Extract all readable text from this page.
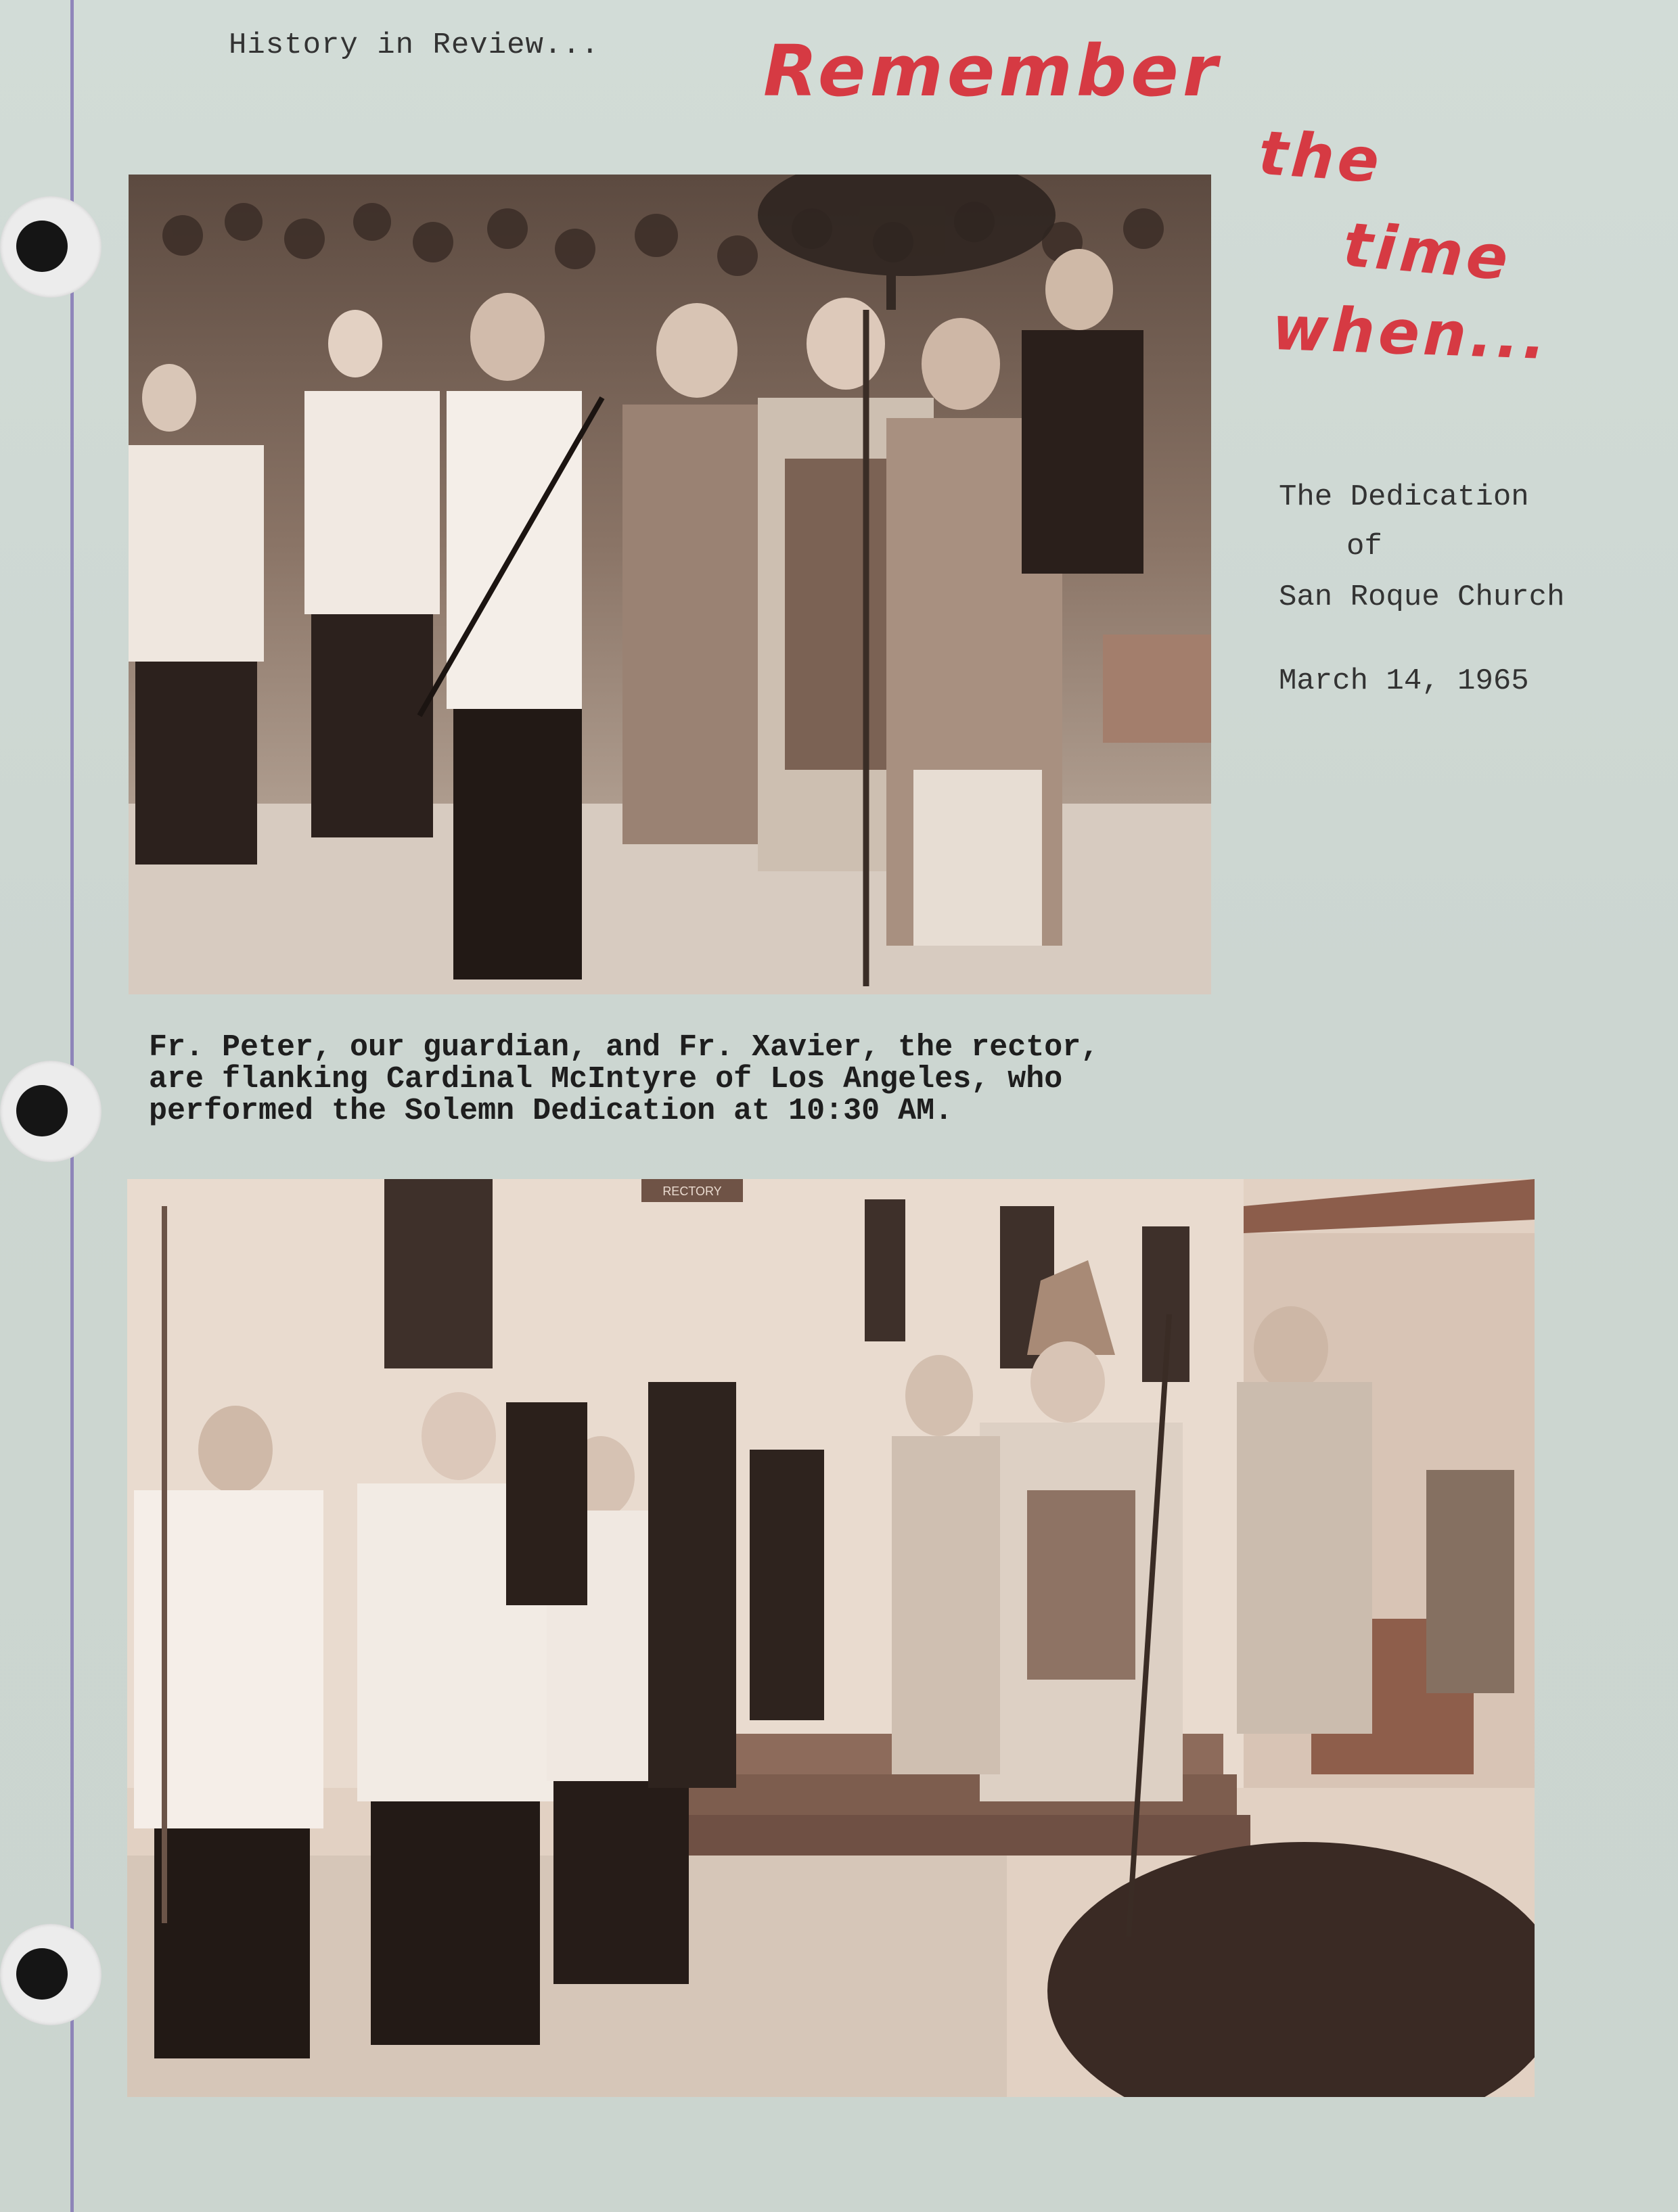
History in Review... Remember
the
time
when...
The Dedication
of
San Roque Church
March 14, 1965
Fr. Peter, our guardian, and Fr. Xavier, the rector,
are flanking Cardinal McIntyre of Los Angeles, who
performed the Solemn Dedication at 10:30 AM.
RECTORY
